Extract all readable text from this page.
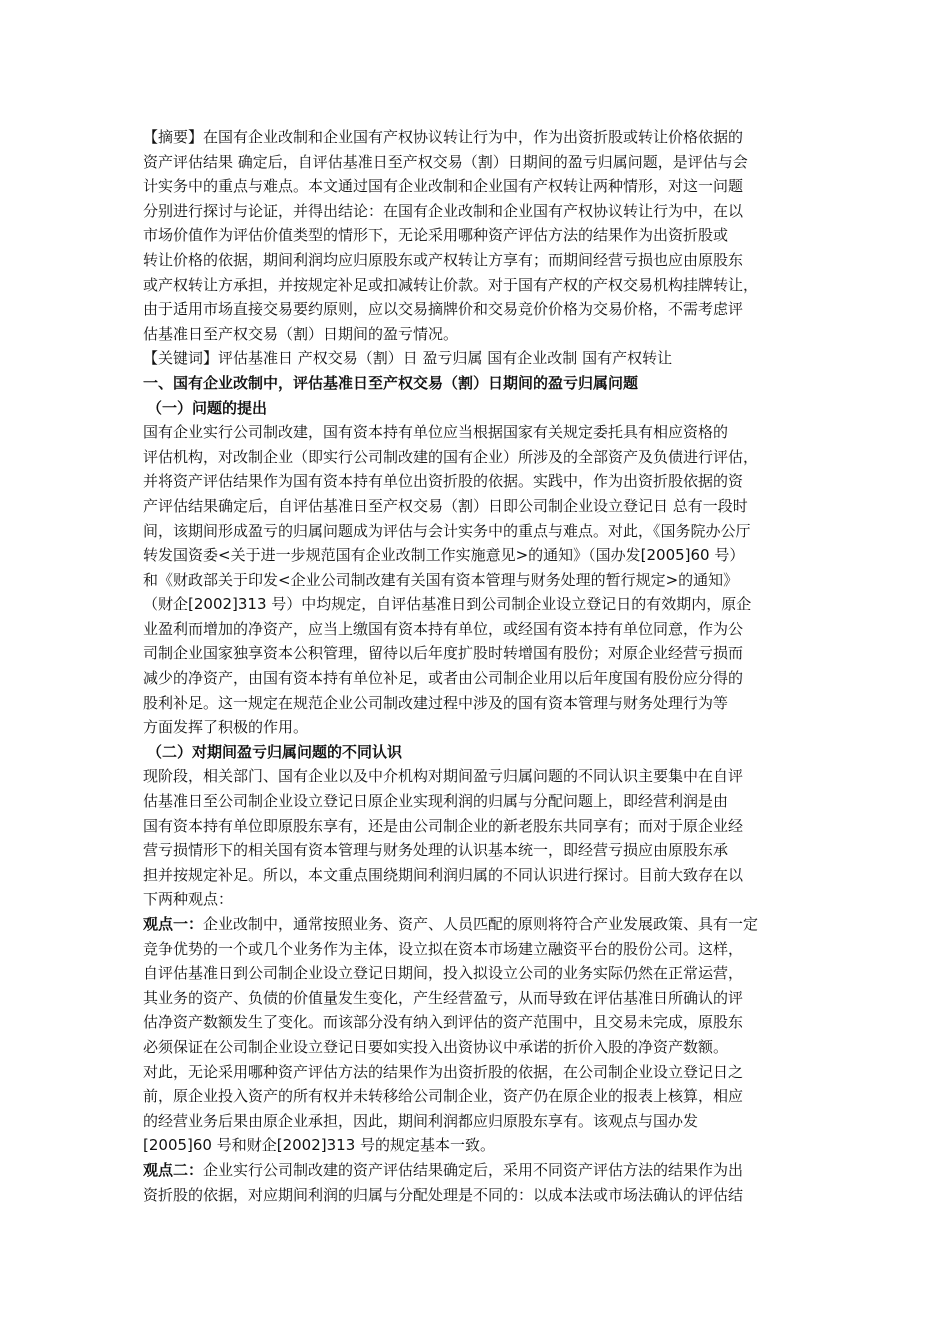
【摘要】在国有企业改制和企业国有产权协议转让行为中，作为出资折股或转让价格依据的
资产评估结果 确定后，自评估基准日至产权交易（割）日期间的盈亏归属问题，是评估与会
计实务中的重点与难点。本文通过国有企业改制和企业国有产权转让两种情形，对这一问题
分别进行探讨与论证，并得出结论：在国有企业改制和企业国有产权协议转让行为中，在以
市场价值作为评估价值类型的情形下，无论采用哪种资产评估方法的结果作为出资折股或
转让价格的依据，期间利润均应归原股东或产权转让方享有；而期间经营亏损也应由原股东
或产权转让方承担，并按规定补足或扣减转让价款。对于国有产权的产权交易机构挂牌转让，
由于适用市场直接交易要约原则，应以交易摘牌价和交易竞价价格为交易价格，不需考虑评
估基准日至产权交易（割）日期间的盈亏情况。
【关键词】评估基准日 产权交易（割）日 盈亏归属 国有企业改制 国有产权转让
一、国有企业改制中，评估基准日至产权交易（割）日期间的盈亏归属问题
（一）问题的提出
国有企业实行公司制改建，国有资本持有单位应当根据国家有关规定委托具有相应资格的
评估机构，对改制企业（即实行公司制改建的国有企业）所涉及的全部资产及负债进行评估，
并将资产评估结果作为国有资本持有单位出资折股的依据。实践中，作为出资折股依据的资
产评估结果确定后，自评估基准日至产权交易（割）日即公司制企业设立登记日 总有一段时
间，该期间形成盈亏的归属问题成为评估与会计实务中的重点与难点。对此，《国务院办公厅
转发国资委<关于进一步规范国有企业改制工作实施意见>的通知》（国办发[2005]60 号）
和《财政部关于印发<企业公司制改建有关国有资本管理与财务处理的暂行规定>的通知》
（财企[2002]313 号）中均规定，自评估基准日到公司制企业设立登记日的有效期内，原企
业盈利而增加的净资产，应当上缴国有资本持有单位，或经国有资本持有单位同意，作为公
司制企业国家独享资本公积管理，留待以后年度扩股时转增国有股份；对原企业经营亏损而
减少的净资产，由国有资本持有单位补足，或者由公司制企业用以后年度国有股份应分得的
股利补足。这一规定在规范企业公司制改建过程中涉及的国有资本管理与财务处理行为等
方面发挥了积极的作用。
（二）对期间盈亏归属问题的不同认识
现阶段，相关部门、国有企业以及中介机构对期间盈亏归属问题的不同认识主要集中在自评
估基准日至公司制企业设立登记日原企业实现利润的归属与分配问题上，即经营利润是由
国有资本持有单位即原股东享有，还是由公司制企业的新老股东共同享有；而对于原企业经
营亏损情形下的相关国有资本管理与财务处理的认识基本统一，即经营亏损应由原股东承
担并按规定补足。所以，本文重点围绕期间利润归属的不同认识进行探讨。目前大致存在以
下两种观点：
观点一：企业改制中，通常按照业务、资产、人员匹配的原则将符合产业发展政策、具有一定
竞争优势的一个或几个业务作为主体，设立拟在资本市场建立融资平台的股份公司。这样，
自评估基准日到公司制企业设立登记日期间，投入拟设立公司的业务实际仍然在正常运营，
其业务的资产、负债的价值量发生变化，产生经营盈亏，从而导致在评估基准日所确认的评
估净资产数额发生了变化。而该部分没有纳入到评估的资产范围中，且交易未完成，原股东
必须保证在公司制企业设立登记日要如实投入出资协议中承诺的折价入股的净资产数额。
对此，无论采用哪种资产评估方法的结果作为出资折股的依据，在公司制企业设立登记日之
前，原企业投入资产的所有权并未转移给公司制企业，资产仍在原企业的报表上核算，相应
的经营业务后果由原企业承担，因此，期间利润都应归原股东享有。该观点与国办发
[2005]60 号和财企[2002]313 号的规定基本一致。
观点二：企业实行公司制改建的资产评估结果确定后，采用不同资产评估方法的结果作为出
资折股的依据，对应期间利润的归属与分配处理是不同的：以成本法或市场法确认的评估结
